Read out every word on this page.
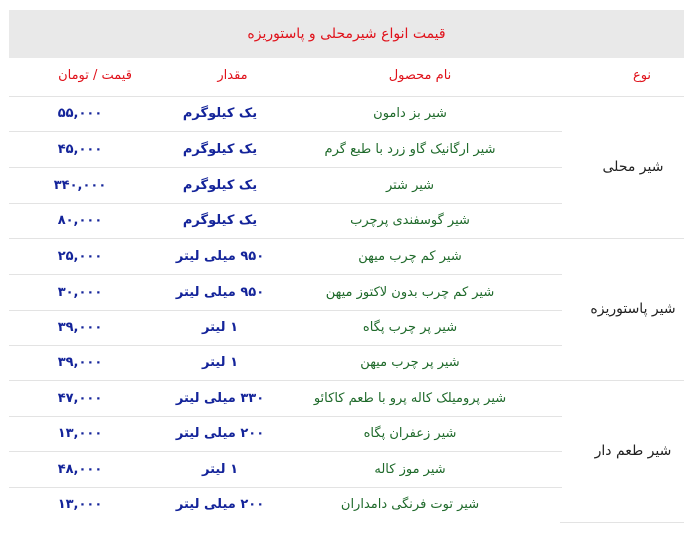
قیمت انواع شیرمحلی و پاستوریزه
نوع
نام محصول
مقدار
قیمت / تومان
شیر محلی
شیر پاستوریزه
شیر طعم دار
شیر بز دامون
یک کیلوگرم
۵۵,۰۰۰
شیر ارگانیک گاو زرد با طبع گرم
یک کیلوگرم
۴۵,۰۰۰
شیر شتر
یک کیلوگرم
۳۴۰,۰۰۰
شیر گوسفندی پرچرب
یک کیلوگرم
۸۰,۰۰۰
شیر کم چرب میهن
۹۵۰ میلی لیتر
۲۵,۰۰۰
شیر کم چرب بدون لاکتوز میهن
۹۵۰ میلی لیتر
۳۰,۰۰۰
شیر پر چرب پگاه
۱ لیتر
۳۹,۰۰۰
شیر پر چرب میهن
۱ لیتر
۳۹,۰۰۰
شیر پرومیلک کاله پرو با طعم کاکائو
۳۳۰ میلی لیتر
۴۷,۰۰۰
شیر زعفران پگاه
۲۰۰ میلی لیتر
۱۳,۰۰۰
شیر موز کاله
۱ لیتر
۴۸,۰۰۰
شیر توت فرنگی دامداران
۲۰۰ میلی لیتر
۱۳,۰۰۰
